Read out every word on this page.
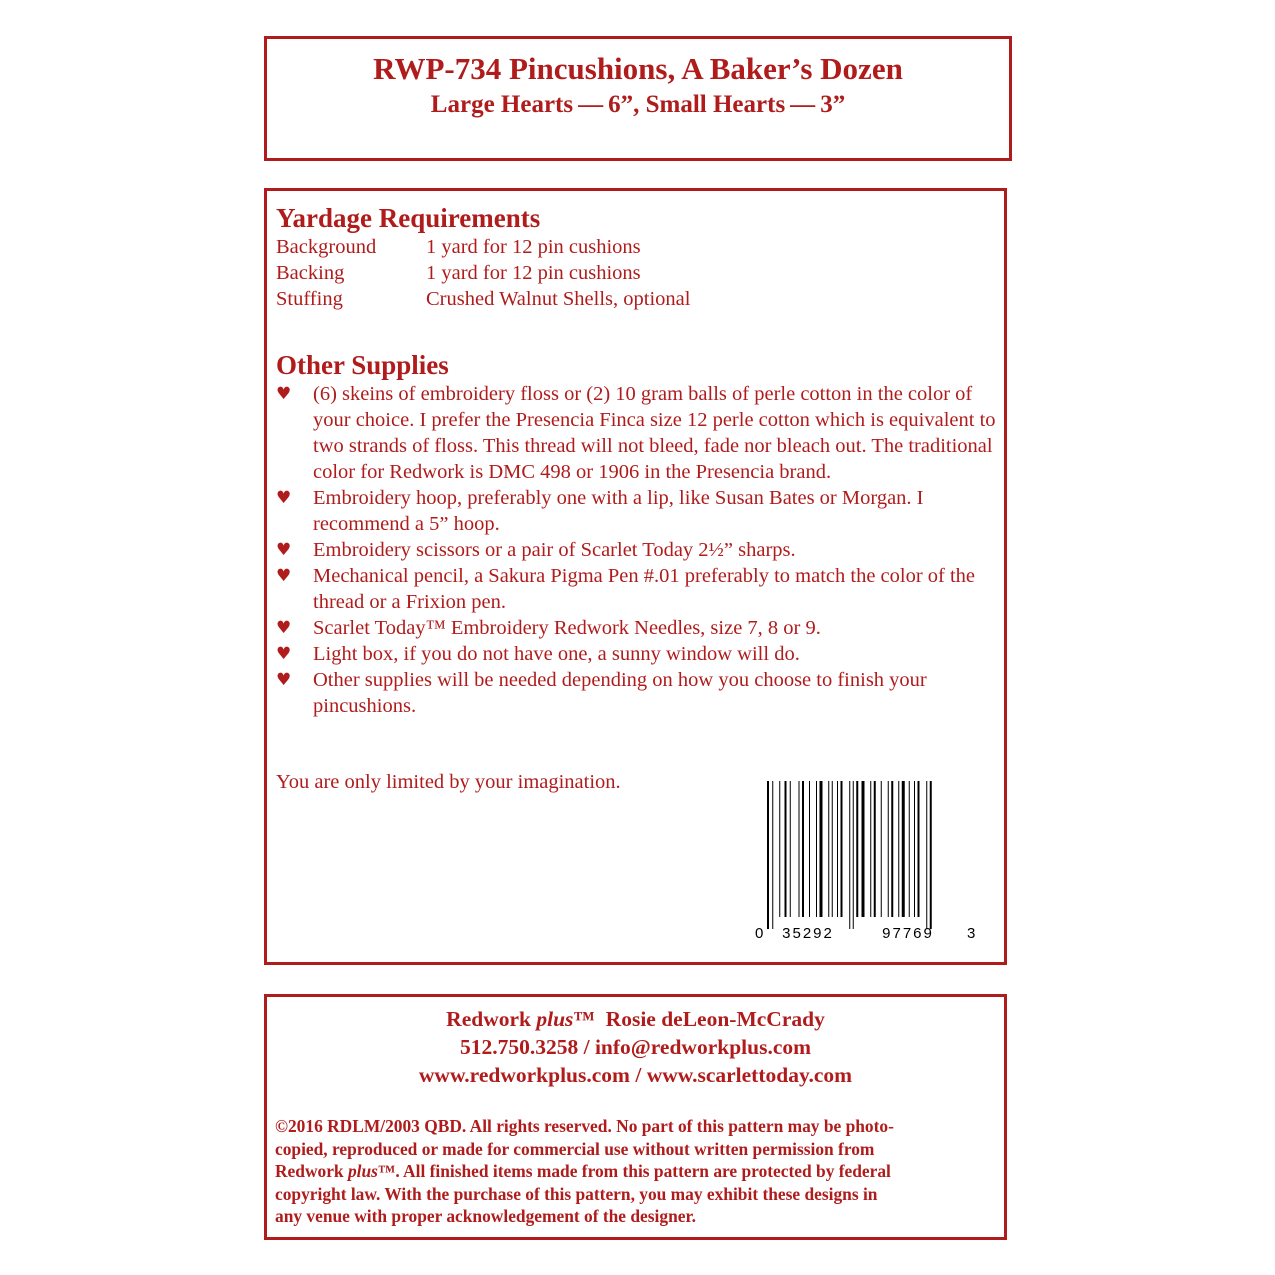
RWP-734 Pincushions, A Baker’s Dozen
Large Hearts — 6”, Small Hearts — 3”
Yardage Requirements
Background 1 yard for 12 pin cushions
Backing	1 yard for 12 pin cushions
Stuffing	Crushed Walnut Shells, optional
Other Supplies
♥ (6) skeins of embroidery floss or (2) 10 gram balls of perle cotton in the color of your choice. I prefer the Presencia Finca size 12 perle cotton which is equivalent to two strands of floss. This thread will not bleed, fade nor bleach out. The traditional color for Redwork is DMC 498 or 1906 in the Presencia brand.
♥ Embroidery hoop, preferably one with a lip, like Susan Bates or Morgan. I recommend a 5” hoop.
♥ Embroidery scissors or a pair of Scarlet Today 2½” sharps.
♥ Mechanical pencil, a Sakura Pigma Pen #.01 preferably to match the color of the thread or a Frixion pen.
♥ Scarlet Today™ Embroidery Redwork Needles, size 7, 8 or 9.
♥ Light box, if you do not have one, a sunny window will do.
♥ Other supplies will be needed depending on how you choose to finish your pincushions.
You are only limited by your imagination.
0 35292	97769 3
Redwork plus™ Rosie deLeon-McCrady
512.750.3258 / info@redworkplus.com
www.redworkplus.com / www.scarlettoday.com
©2016 RDLM/2003 QBD. All rights reserved. No part of this pattern may be photo-
copied, reproduced or made for commercial use without written permission from
Redwork plus™. All finished items made from this pattern are protected by federal
copyright law. With the purchase of this pattern, you may exhibit these designs in
any venue with proper acknowledgement of the designer.
